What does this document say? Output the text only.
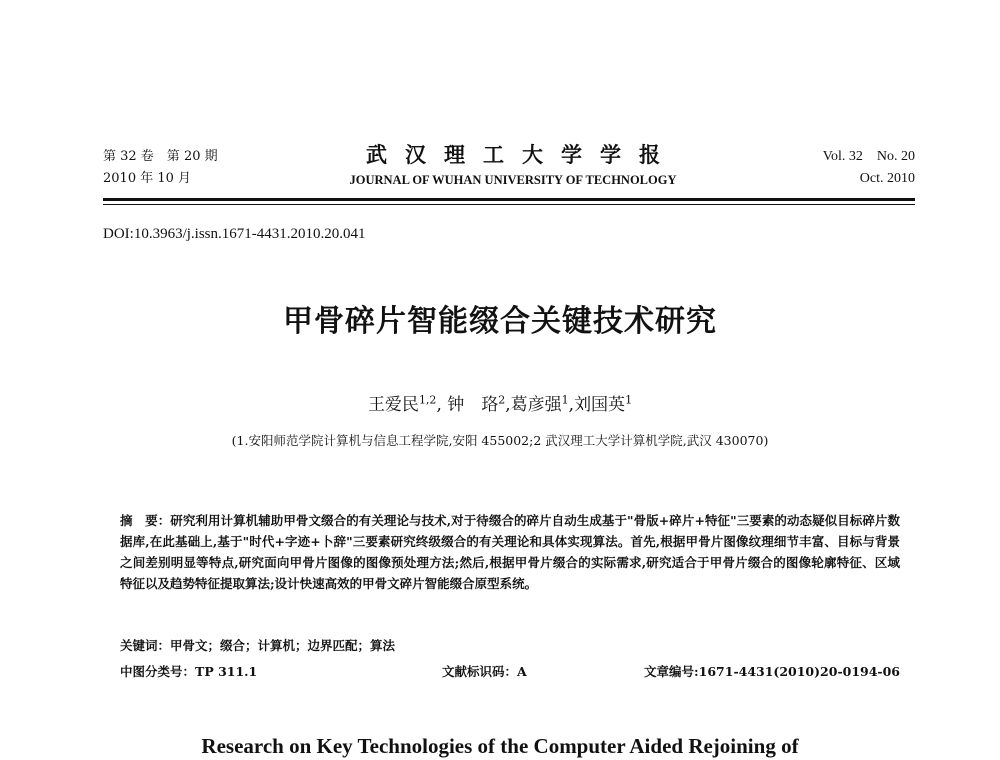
第 32 卷　第 20 期
2010 年 10 月
武汉理工大学学报
JOURNAL OF WUHAN UNIVERSITY OF TECHNOLOGY
Vol. 32　No. 20
Oct. 2010
DOI:10.3963/j.issn.1671-4431.2010.20.041
甲骨碎片智能缀合关键技术研究
王爱民$^{1,2}$, 钟　珞$^2$,葛彦强$^1$,刘国英$^1$
(1.安阳师范学院计算机与信息工程学院,安阳 455002;2 武汉理工大学计算机学院,武汉 430070)
摘　要：研究利用计算机辅助甲骨文缀合的有关理论与技术,对于待缀合的碎片自动生成基于"骨版+碎片+特征"三要素的动态疑似目标碎片数据库,在此基础上,基于"时代+字迹+卜辞"三要素研究终级缀合的有关理论和具体实现算法。首先,根据甲骨片图像纹理细节丰富、目标与背景之间差别明显等特点,研究面向甲骨片图像的图像预处理方法;然后,根据甲骨片缀合的实际需求,研究适合于甲骨片缀合的图像轮廓特征、区域特征以及趋势特征提取算法;设计快速高效的甲骨文碎片智能缀合原型系统。
关键词：甲骨文；缀合；计算机；边界匹配；算法
中图分类号：TP 311.1	文献标识码：A	文章编号:1671-4431(2010)20-0194-06
Research on Key Technologies of the Computer Aided Rejoining of
